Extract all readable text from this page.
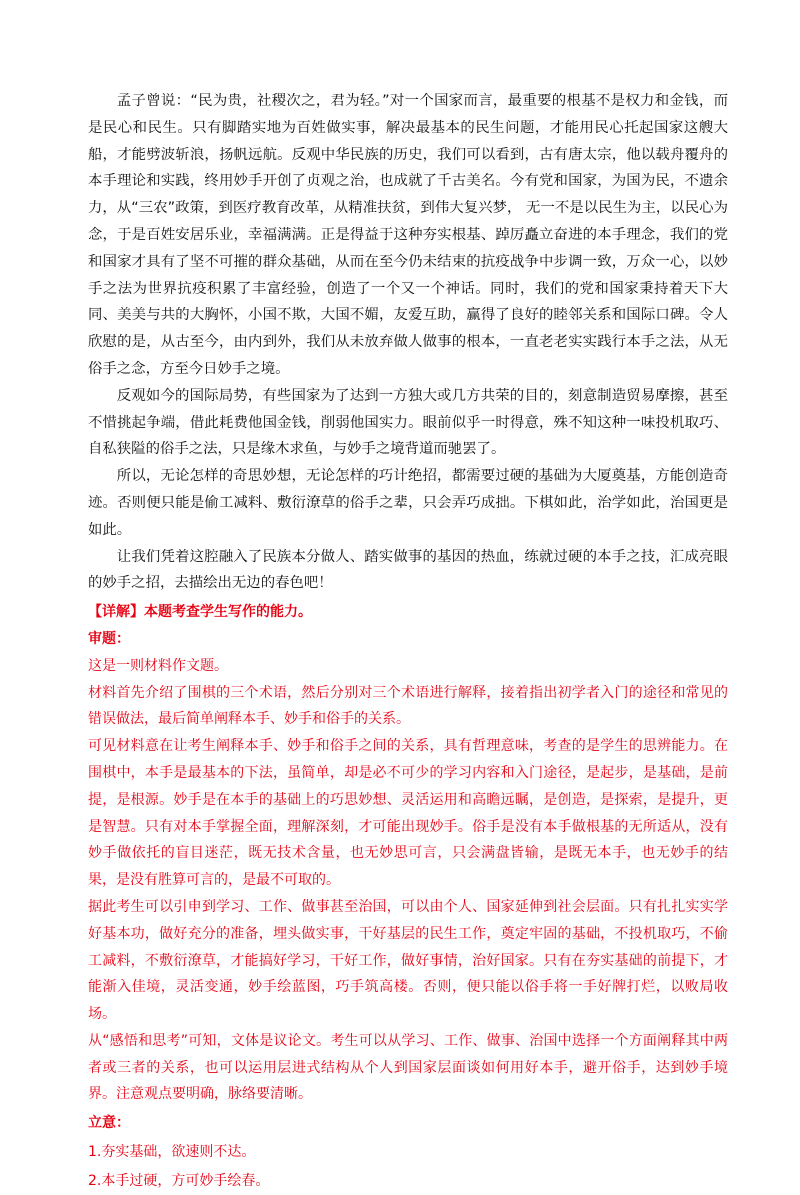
孟子曾说：“民为贵，社稷次之，君为轻。”对一个国家而言，最重要的根基不是权力和金钱，而是民心和民生。只有脚踏实地为百姓做实事，解决最基本的民生问题，才能用民心托起国家这艘大船，才能劈波斩浪，扬帆远航。反观中华民族的历史，我们可以看到，古有唐太宗，他以载舟覆舟的本手理论和实践，终用妙手开创了贞观之治，也成就了千古美名。今有党和国家，为国为民，不遗余力，从“三农”政策，到医疗教育改革，从精准扶贫，到伟大复兴梦， 无一不是以民生为主，以民心为念，于是百姓安居乐业，幸福满满。正是得益于这种夯实根基、踔厉矗立奋进的本手理念，我们的党和国家才具有了坚不可摧的群众基础，从而在至今仍未结束的抗疫战争中步调一致，万众一心，以妙手之法为世界抗疫积累了丰富经验，创造了一个又一个神话。同时，我们的党和国家秉持着天下大同、美美与共的大胸怀，小国不欺，大国不媚，友爱互助，赢得了良好的睦邻关系和国际口碑。令人欣慰的是，从古至今，由内到外，我们从未放弃做人做事的根本，一直老老实实践行本手之法，从无俗手之念，方至今日妙手之境。

反观如今的国际局势，有些国家为了达到一方独大或几方共荣的目的，刻意制造贸易摩擦，甚至不惜挑起争端，借此耗费他国金钱，削弱他国实力。眼前似乎一时得意，殊不知这种一味投机取巧、自私狭隘的俗手之法，只是缘木求鱼，与妙手之境背道而驰罢了。

所以，无论怎样的奇思妙想，无论怎样的巧计绝招，都需要过硬的基础为大厦奠基，方能创造奇迹。否则便只能是偷工减料、敷衍潦草的俗手之辈，只会弄巧成拙。下棋如此，治学如此，治国更是如此。

让我们凭着这腔融入了民族本分做人、踏实做事的基因的热血，练就过硬的本手之技，汇成亮眼的妙手之招，去描绘出无边的春色吧！

【详解】本题考查学生写作的能力。

审题：

这是一则材料作文题。

材料首先介绍了围棋的三个术语，然后分别对三个术语进行解释，接着指出初学者入门的途径和常见的错误做法，最后简单阐释本手、妙手和俗手的关系。

可见材料意在让考生阐释本手、妙手和俗手之间的关系，具有哲理意味，考查的是学生的思辨能力。在围棋中，本手是最基本的下法，虽简单，却是必不可少的学习内容和入门途径，是起步，是基础，是前提，是根源。妙手是在本手的基础上的巧思妙想、灵活运用和高瞻远瞩，是创造，是探索，是提升，更是智慧。只有对本手掌握全面，理解深刻，才可能出现妙手。俗手是没有本手做根基的无所适从，没有妙手做依托的盲目迷茫，既无技术含量，也无妙思可言，只会满盘皆输，是既无本手，也无妙手的结果，是没有胜算可言的，是最不可取的。

据此考生可以引申到学习、工作、做事甚至治国，可以由个人、国家延伸到社会层面。只有扎扎实实学好基本功，做好充分的准备，埋头做实事，干好基层的民生工作，奠定牢固的基础，不投机取巧，不偷工减料，不敷衍潦草，才能搞好学习，干好工作，做好事情，治好国家。只有在夯实基础的前提下，才能渐入佳境，灵活变通，妙手绘蓝图，巧手筑高楼。否则，便只能以俗手将一手好牌打烂，以败局收场。

从“感悟和思考”可知，文体是议论文。考生可以从学习、工作、做事、治国中选择一个方面阐释其中两者或三者的关系，也可以运用层进式结构从个人到国家层面谈如何用好本手，避开俗手，达到妙手境界。注意观点要明确，脉络要清晰。

立意：

1.夯实基础，欲速则不达。

2.本手过硬，方可妙手绘春。
